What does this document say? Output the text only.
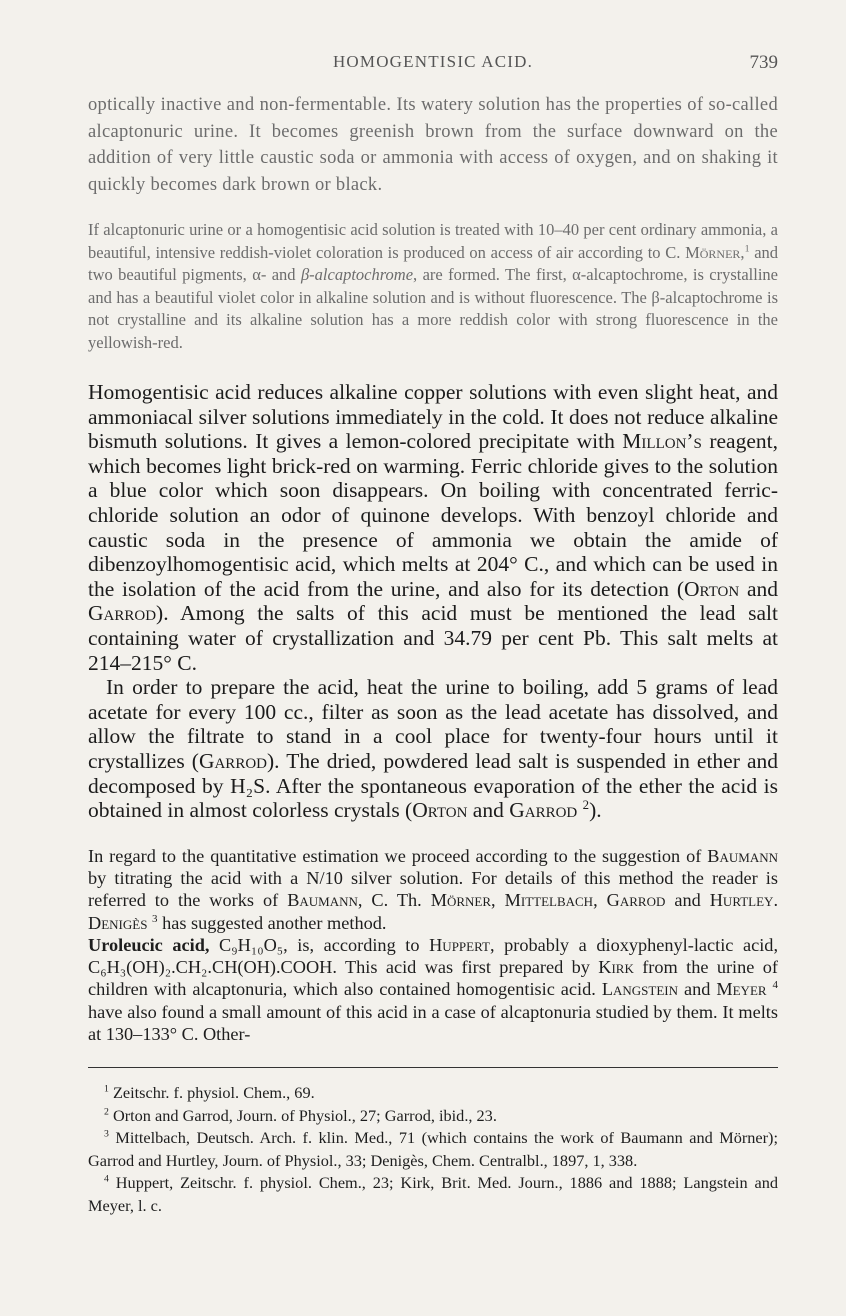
HOMOGENTISIC ACID.	739

optically inactive and non-fermentable. Its watery solution has the properties of so-called alcaptonuric urine. It becomes greenish brown from the surface downward on the addition of very little caustic soda or ammonia with access of oxygen, and on shaking it quickly becomes dark brown or black.

If alcaptonuric urine or a homogentisic acid solution is treated with 10–40 per cent ordinary ammonia, a beautiful, intensive reddish-violet coloration is produced on access of air according to C. Mörner,$^1$ and two beautiful pigments, α- and β-alcaptochrome, are formed. The first, α-alcaptochrome, is crystalline and has a beautiful violet color in alkaline solution and is without fluorescence. The β-alcaptochrome is not crystalline and its alkaline solution has a more reddish color with strong fluorescence in the yellowish-red.

Homogentisic acid reduces alkaline copper solutions with even slight heat, and ammoniacal silver solutions immediately in the cold. It does not reduce alkaline bismuth solutions. It gives a lemon-colored precipitate with Millon’s reagent, which becomes light brick-red on warming. Ferric chloride gives to the solution a blue color which soon disappears. On boiling with concentrated ferric-chloride solution an odor of quinone develops. With benzoyl chloride and caustic soda in the presence of ammonia we obtain the amide of dibenzoylhomogentisic acid, which melts at 204° C., and which can be used in the isolation of the acid from the urine, and also for its detection (Orton and Garrod). Among the salts of this acid must be mentioned the lead salt containing water of crystallization and 34.79 per cent Pb. This salt melts at 214–215° C.

In order to prepare the acid, heat the urine to boiling, add 5 grams of lead acetate for every 100 cc., filter as soon as the lead acetate has dissolved, and allow the filtrate to stand in a cool place for twenty-four hours until it crystallizes (Garrod). The dried, powdered lead salt is suspended in ether and decomposed by H₂S. After the spontaneous evaporation of the ether the acid is obtained in almost colorless crystals (Orton and Garrod $^2$).

In regard to the quantitative estimation we proceed according to the suggestion of Baumann by titrating the acid with a N/10 silver solution. For details of this method the reader is referred to the works of Baumann, C. Th. Mörner, Mittelbach, Garrod and Hurtley. Denigès $^3$ has suggested another method.
Uroleucic acid, C₉H₁₀O₅, is, according to Huppert, probably a dioxyphenyl-lactic acid, C₆H₃(OH)₂.CH₂.CH(OH).COOH. This acid was first prepared by Kirk from the urine of children with alcaptonuria, which also contained homogentisic acid. Langstein and Meyer $^4$ have also found a small amount of this acid in a case of alcaptonuria studied by them. It melts at 130–133° C. Other-

$^1$ Zeitschr. f. physiol. Chem., 69.

$^2$ Orton and Garrod, Journ. of Physiol., 27; Garrod, ibid., 23.

$^3$ Mittelbach, Deutsch. Arch. f. klin. Med., 71 (which contains the work of Baumann and Mörner); Garrod and Hurtley, Journ. of Physiol., 33; Denigès, Chem. Centralbl., 1897, 1, 338.

$^4$ Huppert, Zeitschr. f. physiol. Chem., 23; Kirk, Brit. Med. Journ., 1886 and 1888; Langstein and Meyer, l. c.
